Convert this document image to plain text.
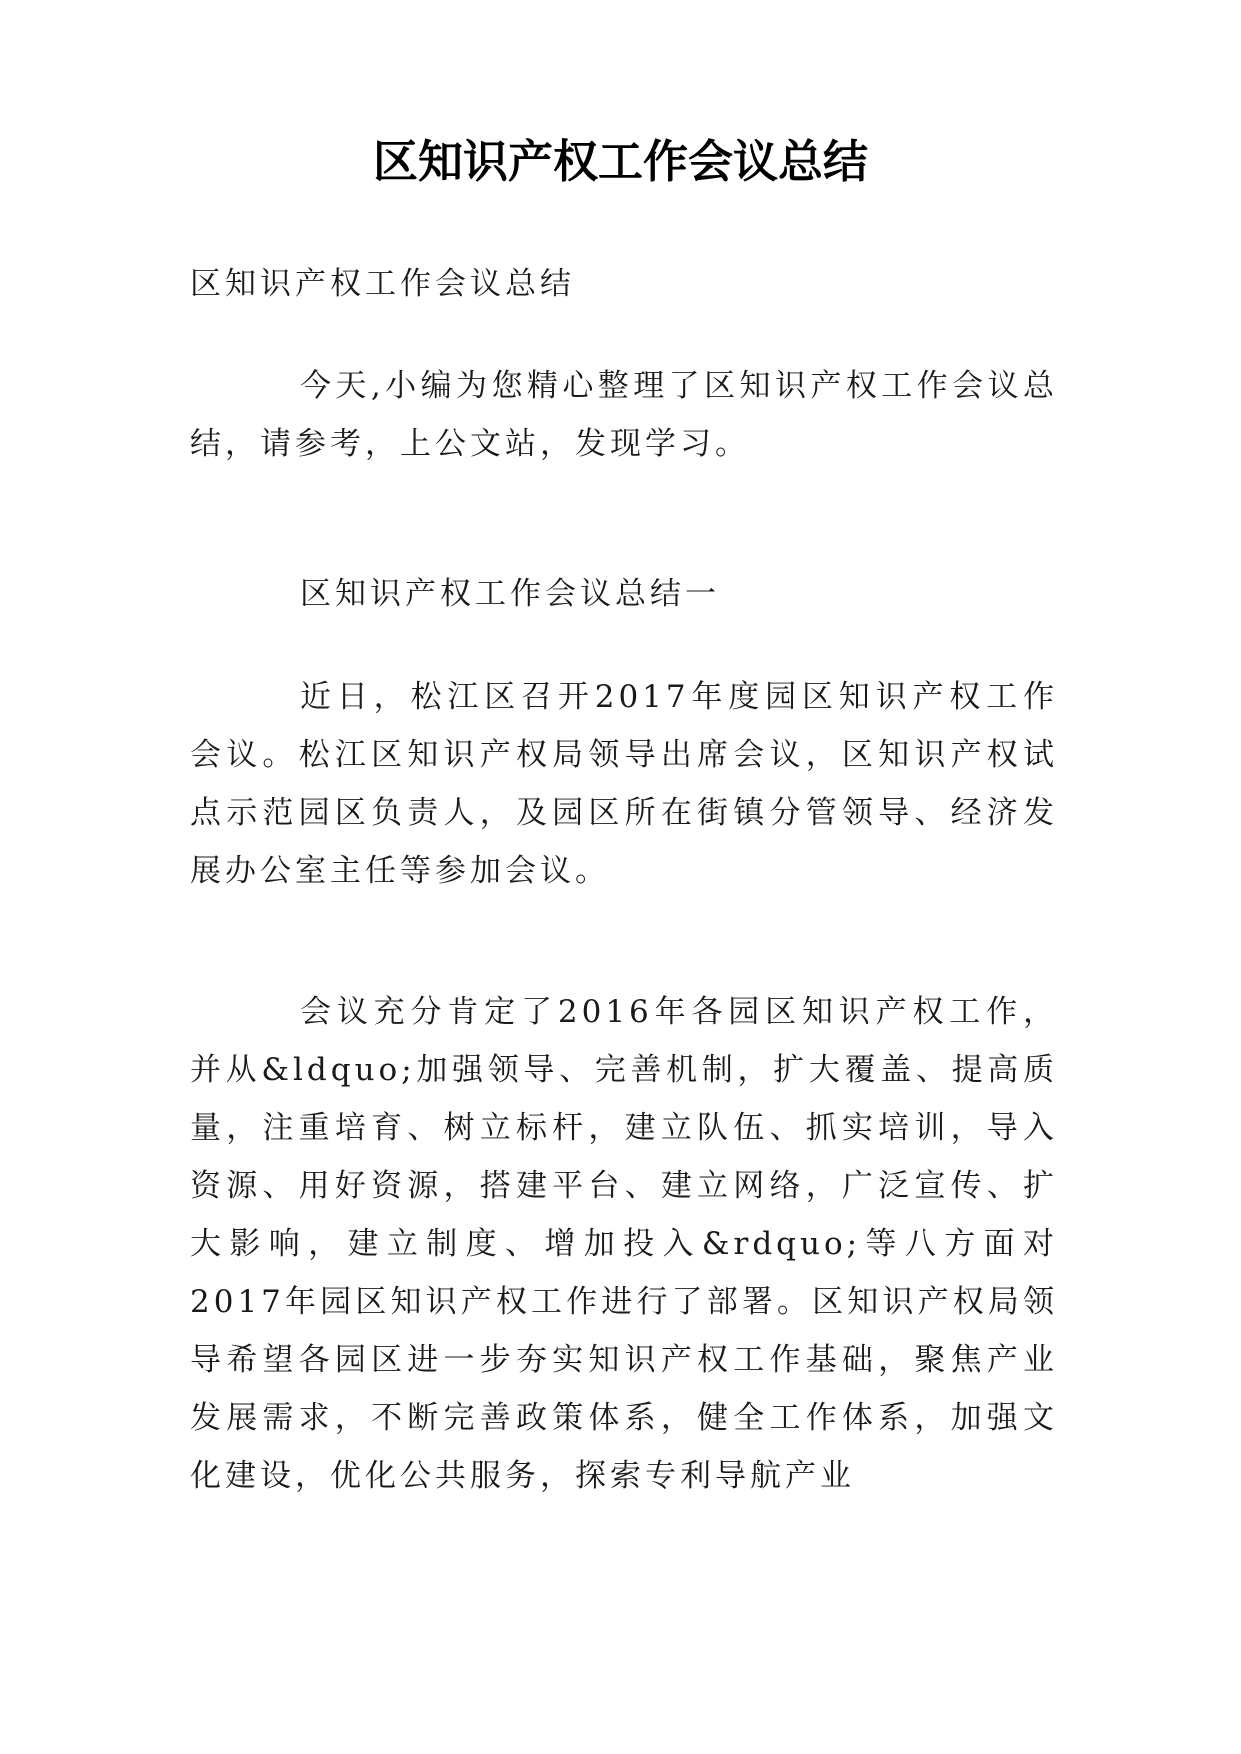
区知识产权工作会议总结

区知识产权工作会议总结

今天,小编为您精心整理了区知识产权工作会议总结，请参考，上公文站，发现学习。

区知识产权工作会议总结一

近日，松江区召开2017年度园区知识产权工作会议。松江区知识产权局领导出席会议，区知识产权试点示范园区负责人，及园区所在街镇分管领导、经济发展办公室主任等参加会议。

会议充分肯定了2016年各园区知识产权工作，并从&ldquo;加强领导、完善机制，扩大覆盖、提高质量，注重培育、树立标杆，建立队伍、抓实培训，导入资源、用好资源，搭建平台、建立网络，广泛宣传、扩大影响，建立制度、增加投入&rdquo;等八方面对2017年园区知识产权工作进行了部署。区知识产权局领导希望各园区进一步夯实知识产权工作基础，聚焦产业发展需求，不断完善政策体系，健全工作体系，加强文化建设，优化公共服务，探索专利导航产业
